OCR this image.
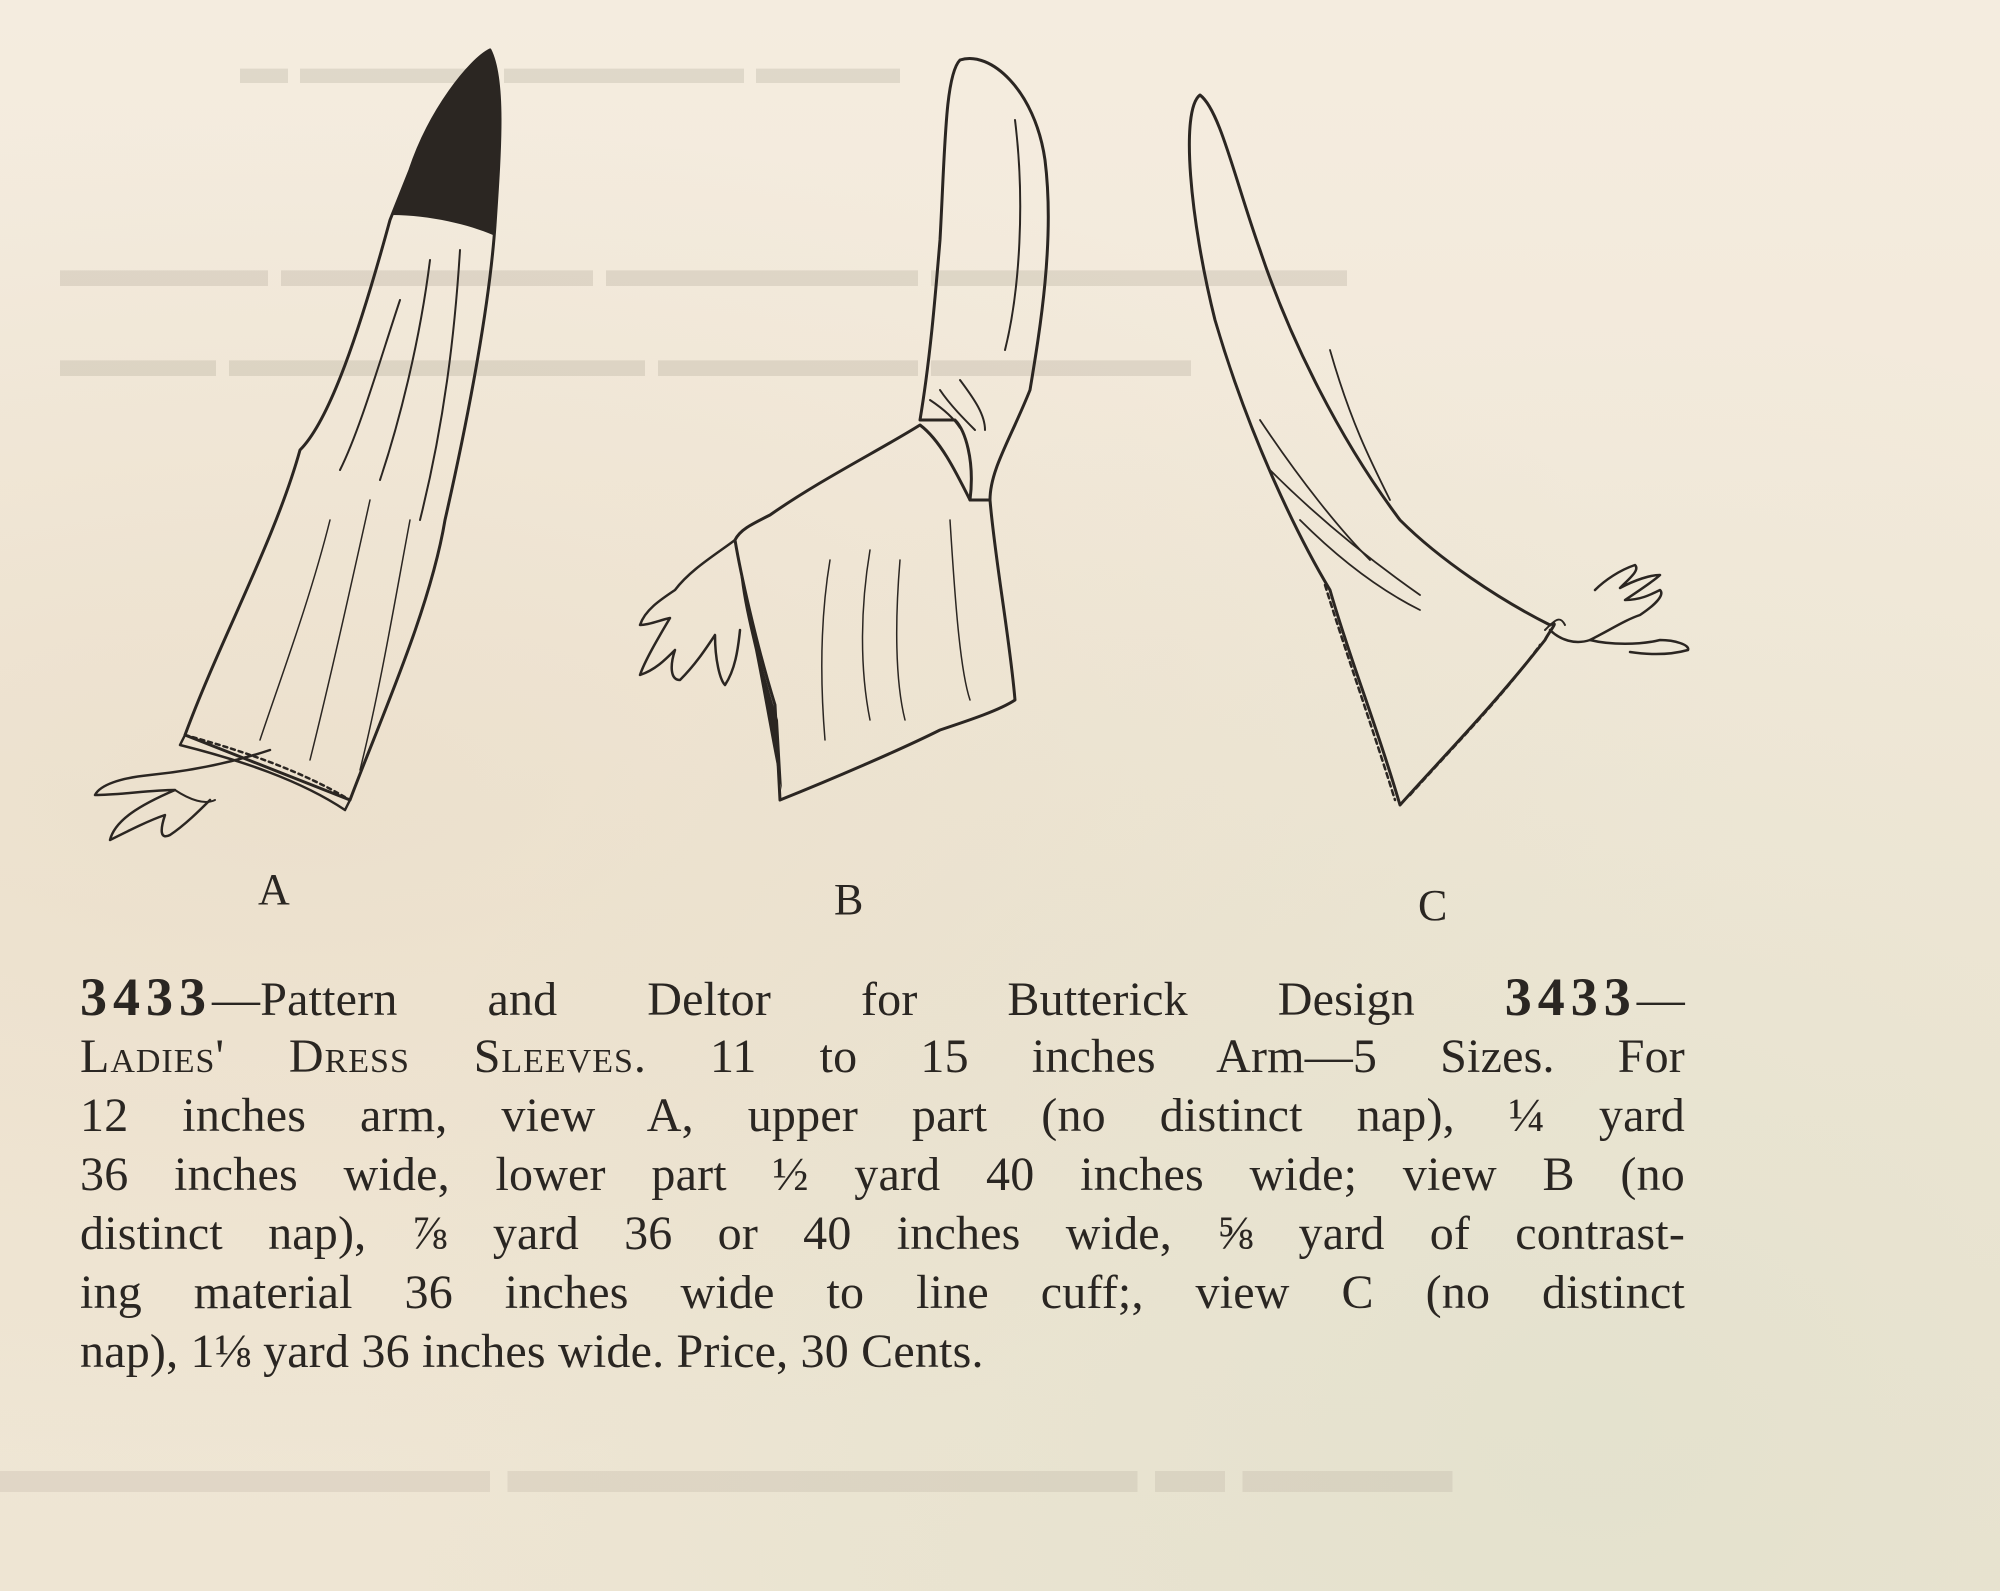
▬ ▬▬▬▬ ▬▬▬▬▬ ▬▬▬
▬▬▬▬ ▬▬▬▬▬▬ ▬▬▬▬▬▬ ▬▬▬▬▬▬▬▬
▬▬▬ ▬▬▬▬▬▬▬▬ ▬▬▬▬▬ ▬▬▬▬▬
▬▬▬▬▬▬▬ ▬▬▬▬▬▬▬▬▬ ▬ ▬▬▬

A	B	C
3433—Pattern and Deltor for Butterick Design 3433—
Ladies' Dress Sleeves. 11 to 15 inches Arm—5 Sizes. For
12 inches arm, view A, upper part (no distinct nap), ¼ yard
36 inches wide, lower part ½ yard 40 inches wide; view B (no
distinct nap), ⅞ yard 36 or 40 inches wide, ⅝ yard of contrast-
ing material 36 inches wide to line cuff;, view C (no distinct
nap), 1⅛ yard 36 inches wide. Price, 30 Cents.
